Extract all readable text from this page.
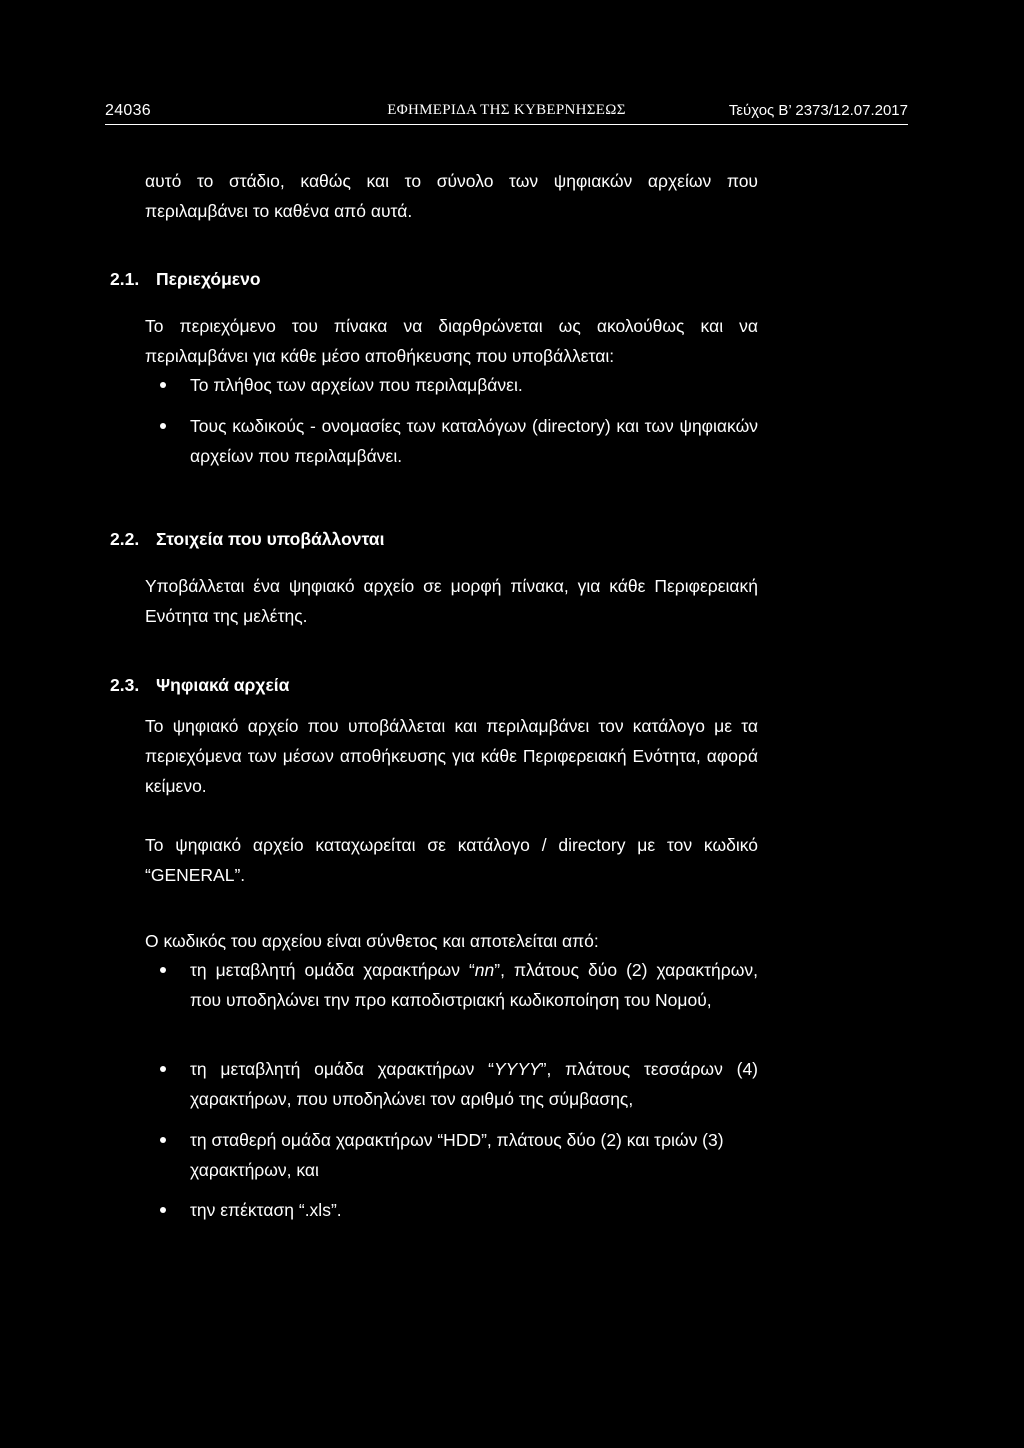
24036	ΕΦΗΜΕΡΙΔΑ ΤΗΣ ΚΥΒΕΡΝΗΣΕΩΣ	Τεύχος Β’ 2373/12.07.2017
αυτό το στάδιο, καθώς και το σύνολο των ψηφιακών αρχείων που περιλαμβάνει το καθένα από αυτά.
2.1. Περιεχόμενο
Το περιεχόμενο του πίνακα να διαρθρώνεται ως ακολούθως και να περιλαμβάνει για κάθε μέσο αποθήκευσης που υποβάλλεται:
Το πλήθος των αρχείων που περιλαμβάνει.
Τους κωδικούς - ονομασίες των καταλόγων (directory) και των ψηφιακών αρχείων που περιλαμβάνει.
2.2. Στοιχεία που υποβάλλονται
Υποβάλλεται ένα ψηφιακό αρχείο σε μορφή πίνακα, για κάθε Περιφερειακή Ενότητα της μελέτης.
2.3. Ψηφιακά αρχεία
Το ψηφιακό αρχείο που υποβάλλεται και περιλαμβάνει τον κατάλογο με τα περιεχόμενα των μέσων αποθήκευσης για κάθε Περιφερειακή Ενότητα, αφορά κείμενο.
Το ψηφιακό αρχείο καταχωρείται σε κατάλογο / directory με τον κωδικό “GENERAL”.
Ο κωδικός του αρχείου είναι σύνθετος και αποτελείται από:
τη μεταβλητή ομάδα χαρακτήρων “nn”, πλάτους δύο (2) χαρακτήρων, που υποδηλώνει την προ καποδιστριακή κωδικοποίηση του Νομού,
τη μεταβλητή ομάδα χαρακτήρων “YYYY”, πλάτους τεσσάρων (4) χαρακτήρων, που υποδηλώνει τον αριθμό της σύμβασης,
τη σταθερή ομάδα χαρακτήρων “HDD”, πλάτους δύο (2) και τριών (3) χαρακτήρων, και
την επέκταση “.xls”.
